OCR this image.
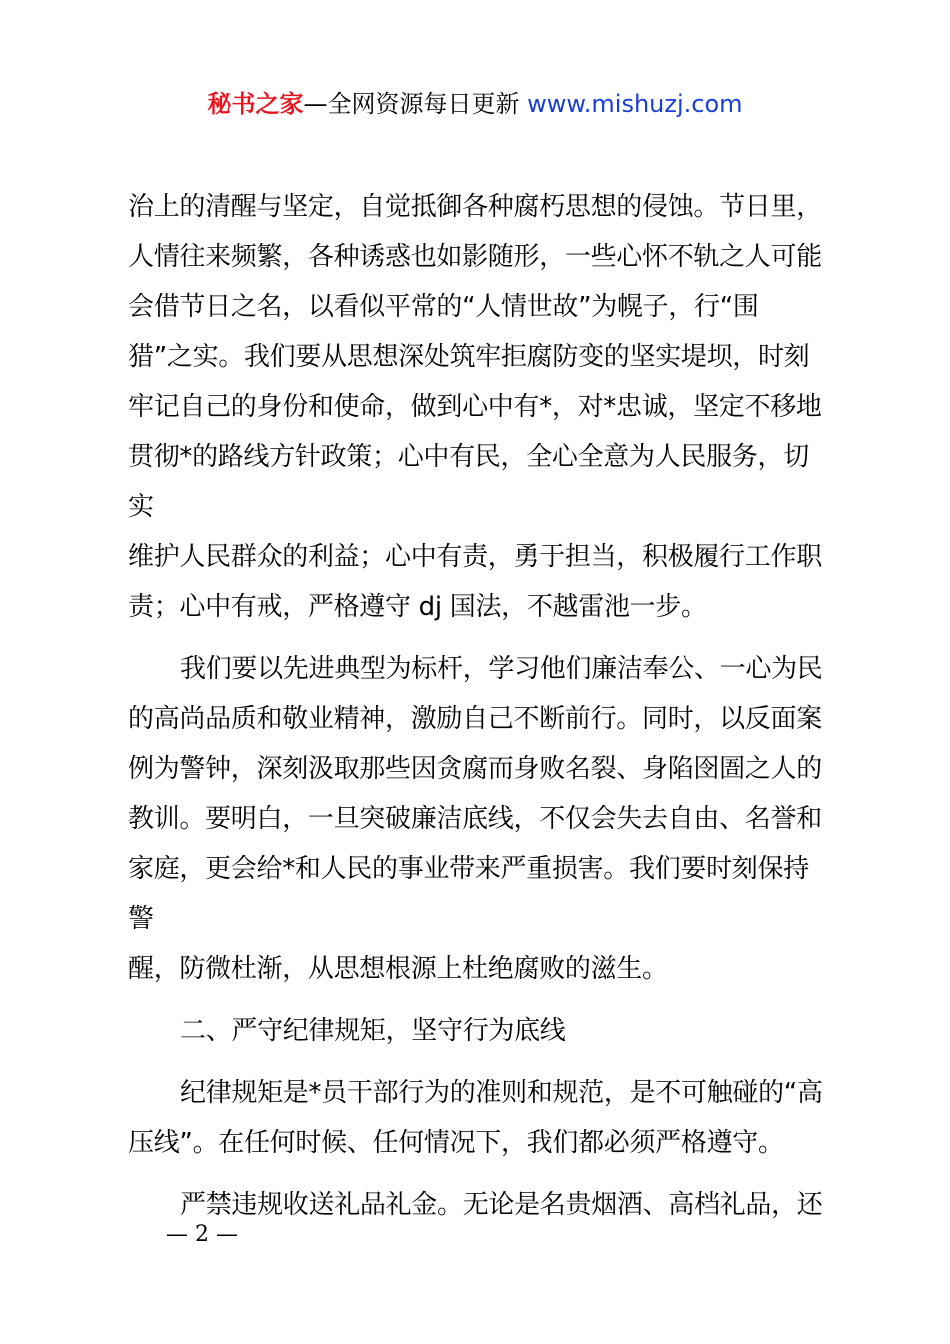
秘书之家—全网资源每日更新 www.mishuzj.com
治上的清醒与坚定，自觉抵御各种腐朽思想的侵蚀。节日里，
人情往来频繁，各种诱惑也如影随形，一些心怀不轨之人可能
会借节日之名，以看似平常的“人情世故”为幌子，行“围
猎”之实。我们要从思想深处筑牢拒腐防变的坚实堤坝，时刻
牢记自己的身份和使命，做到心中有*，对*忠诚，坚定不移地
贯彻*的路线方针政策；心中有民，全心全意为人民服务，切实
维护人民群众的利益；心中有责，勇于担当，积极履行工作职
责；心中有戒，严格遵守 dj 国法，不越雷池一步。
我们要以先进典型为标杆，学习他们廉洁奉公、一心为民
的高尚品质和敬业精神，激励自己不断前行。同时，以反面案
例为警钟，深刻汲取那些因贪腐而身败名裂、身陷囹圄之人的
教训。要明白，一旦突破廉洁底线，不仅会失去自由、名誉和
家庭，更会给*和人民的事业带来严重损害。我们要时刻保持警
醒，防微杜渐，从思想根源上杜绝腐败的滋生。
二、严守纪律规矩，坚守行为底线
纪律规矩是*员干部行为的准则和规范，是不可触碰的“高
压线”。在任何时候、任何情况下，我们都必须严格遵守。
严禁违规收送礼品礼金。无论是名贵烟酒、高档礼品，还
— 2 —
